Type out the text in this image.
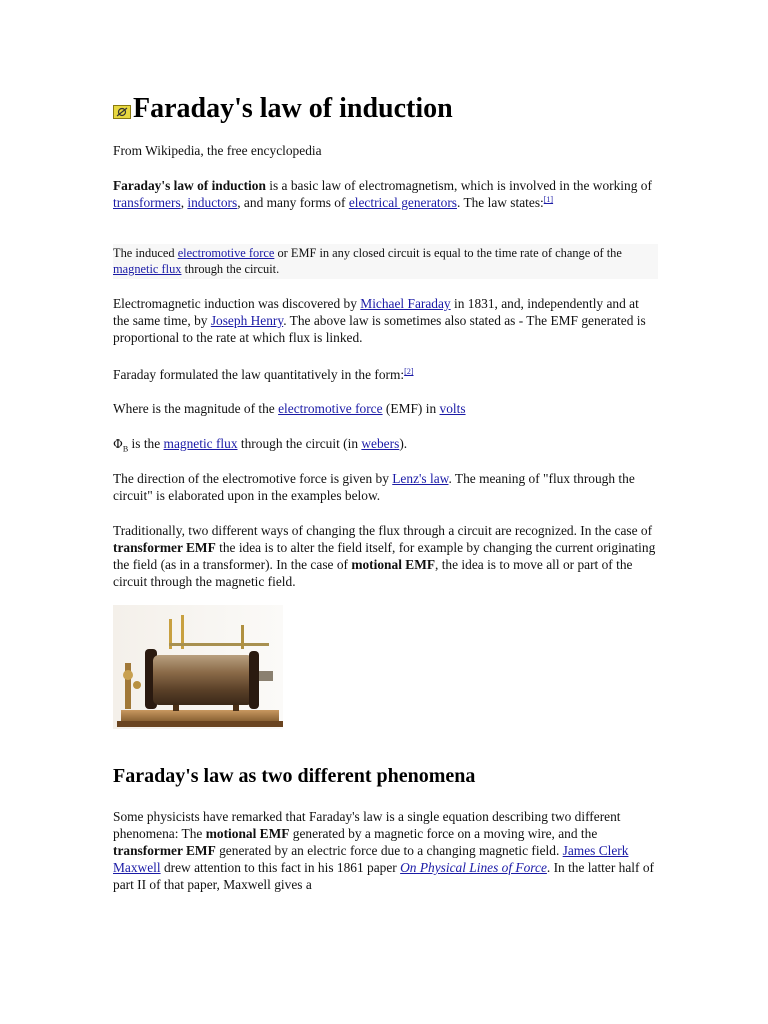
Faraday's law of induction

From Wikipedia, the free encyclopedia

Faraday's law of induction is a basic law of electromagnetism, which is involved in the working of transformers, inductors, and many forms of electrical generators. The law states:[1]

The induced electromotive force or EMF in any closed circuit is equal to the time rate of change of the magnetic flux through the circuit.

Electromagnetic induction was discovered by Michael Faraday in 1831, and, independently and at the same time, by Joseph Henry. The above law is sometimes also stated as - The EMF generated is proportional to the rate at which flux is linked.

Faraday formulated the law quantitatively in the form:[2]

Where is the magnitude of the electromotive force (EMF) in volts

$\Phi_B$ is the magnetic flux through the circuit (in webers).

The direction of the electromotive force is given by Lenz's law. The meaning of "flux through the circuit" is elaborated upon in the examples below.

Traditionally, two different ways of changing the flux through a circuit are recognized. In the case of transformer EMF the idea is to alter the field itself, for example by changing the current originating the field (as in a transformer). In the case of motional EMF, the idea is to move all or part of the circuit through the magnetic field.

Faraday's law as two different phenomena

Some physicists have remarked that Faraday's law is a single equation describing two different phenomena: The motional EMF generated by a magnetic force on a moving wire, and the transformer EMF generated by an electric force due to a changing magnetic field. James Clerk Maxwell drew attention to this fact in his 1861 paper On Physical Lines of Force. In the latter half of part II of that paper, Maxwell gives a
